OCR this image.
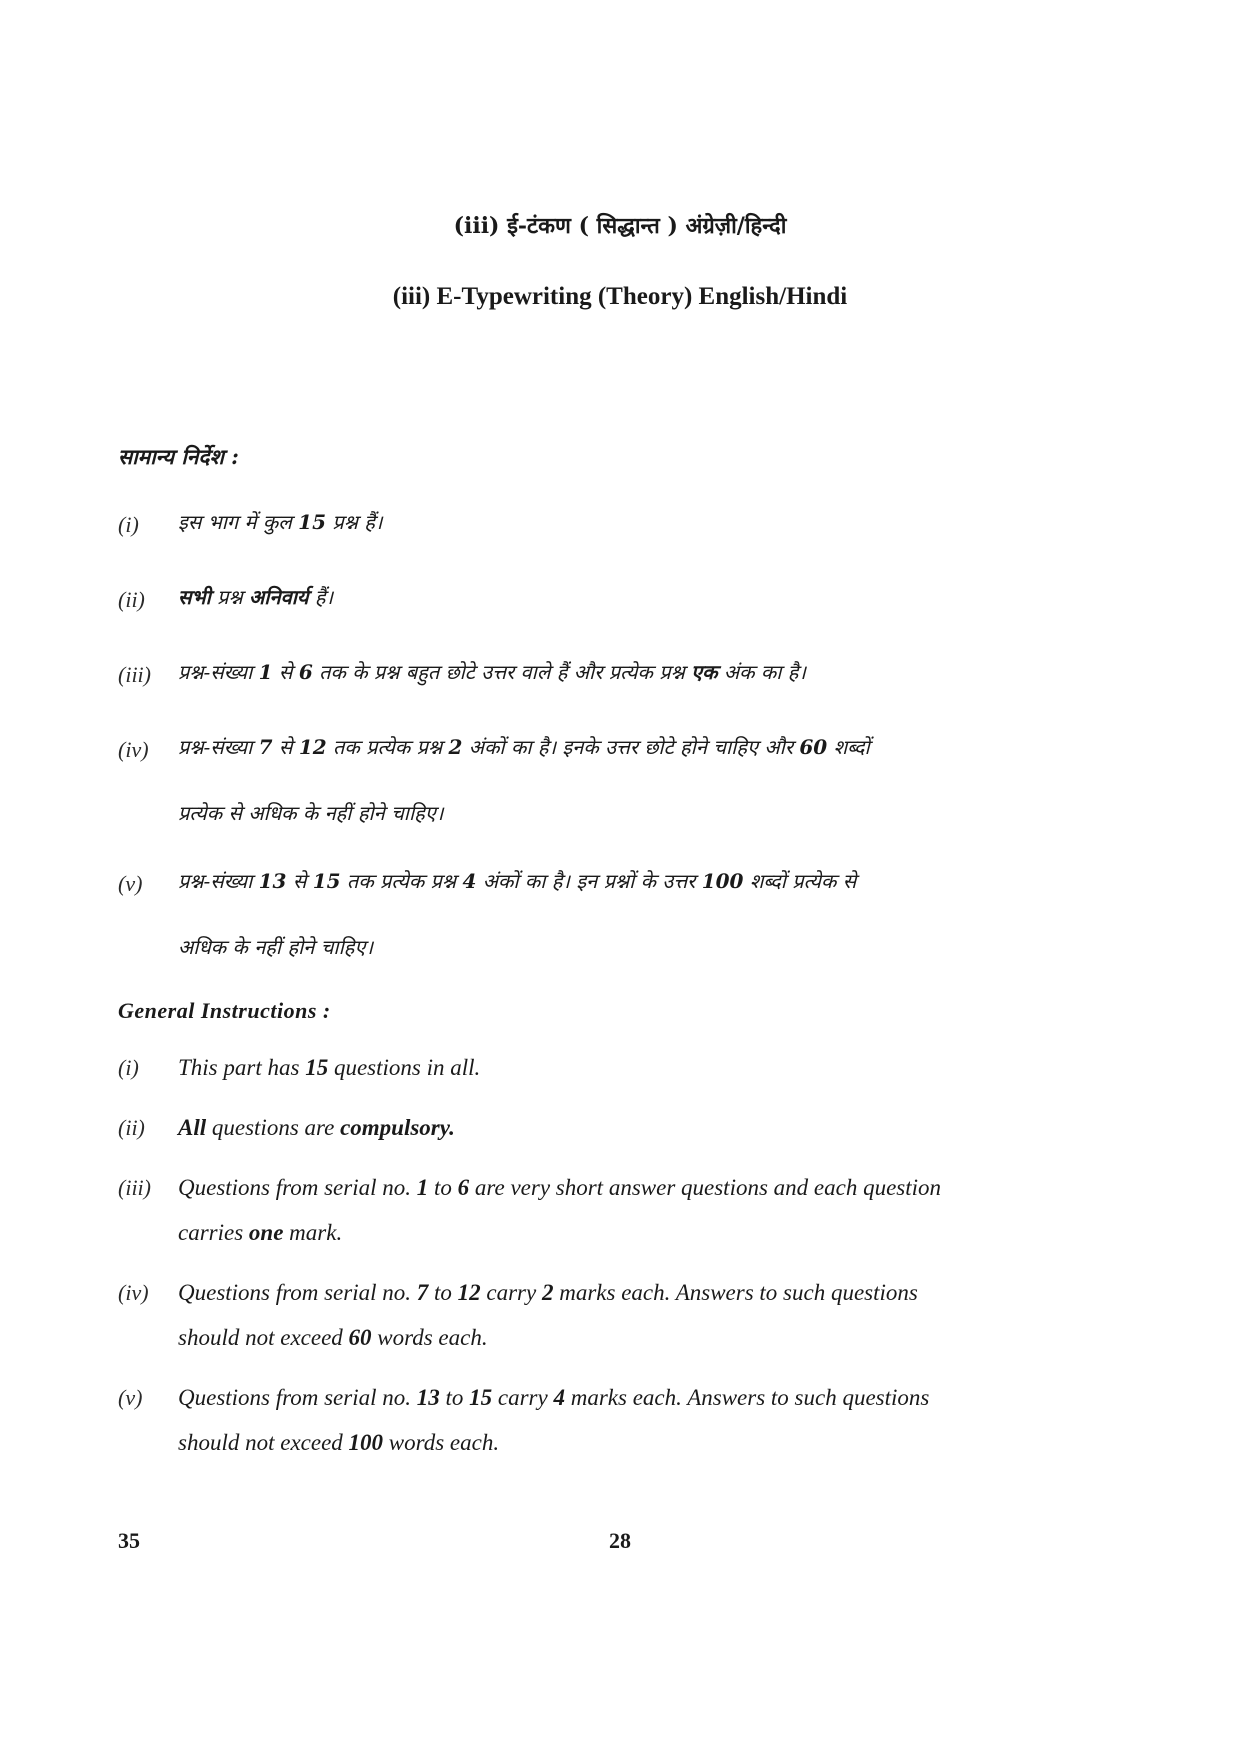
(iii) ई-टंकण ( सिद्धान्त ) अंग्रेज़ी/हिन्दी
(iii) E-Typewriting (Theory) English/Hindi
सामान्य निर्देश :
(i) इस भाग में कुल 15 प्रश्न हैं।
(ii) सभी प्रश्न अनिवार्य हैं।
(iii) प्रश्न-संख्या 1 से 6 तक के प्रश्न बहुत छोटे उत्तर वाले हैं और प्रत्येक प्रश्न एक अंक का है।
(iv) प्रश्न-संख्या 7 से 12 तक प्रत्येक प्रश्न 2 अंकों का है। इनके उत्तर छोटे होने चाहिए और 60 शब्दों
प्रत्येक से अधिक के नहीं होने चाहिए।
(v) प्रश्न-संख्या 13 से 15 तक प्रत्येक प्रश्न 4 अंकों का है। इन प्रश्नों के उत्तर 100 शब्दों प्रत्येक से
अधिक के नहीं होने चाहिए।
General Instructions :
(i) This part has 15 questions in all.
(ii) All questions are compulsory.
(iii) Questions from serial no. 1 to 6 are very short answer questions and each question
carries one mark.
(iv) Questions from serial no. 7 to 12 carry 2 marks each. Answers to such questions
should not exceed 60 words each.
(v) Questions from serial no. 13 to 15 carry 4 marks each. Answers to such questions
should not exceed 100 words each.
35	28
